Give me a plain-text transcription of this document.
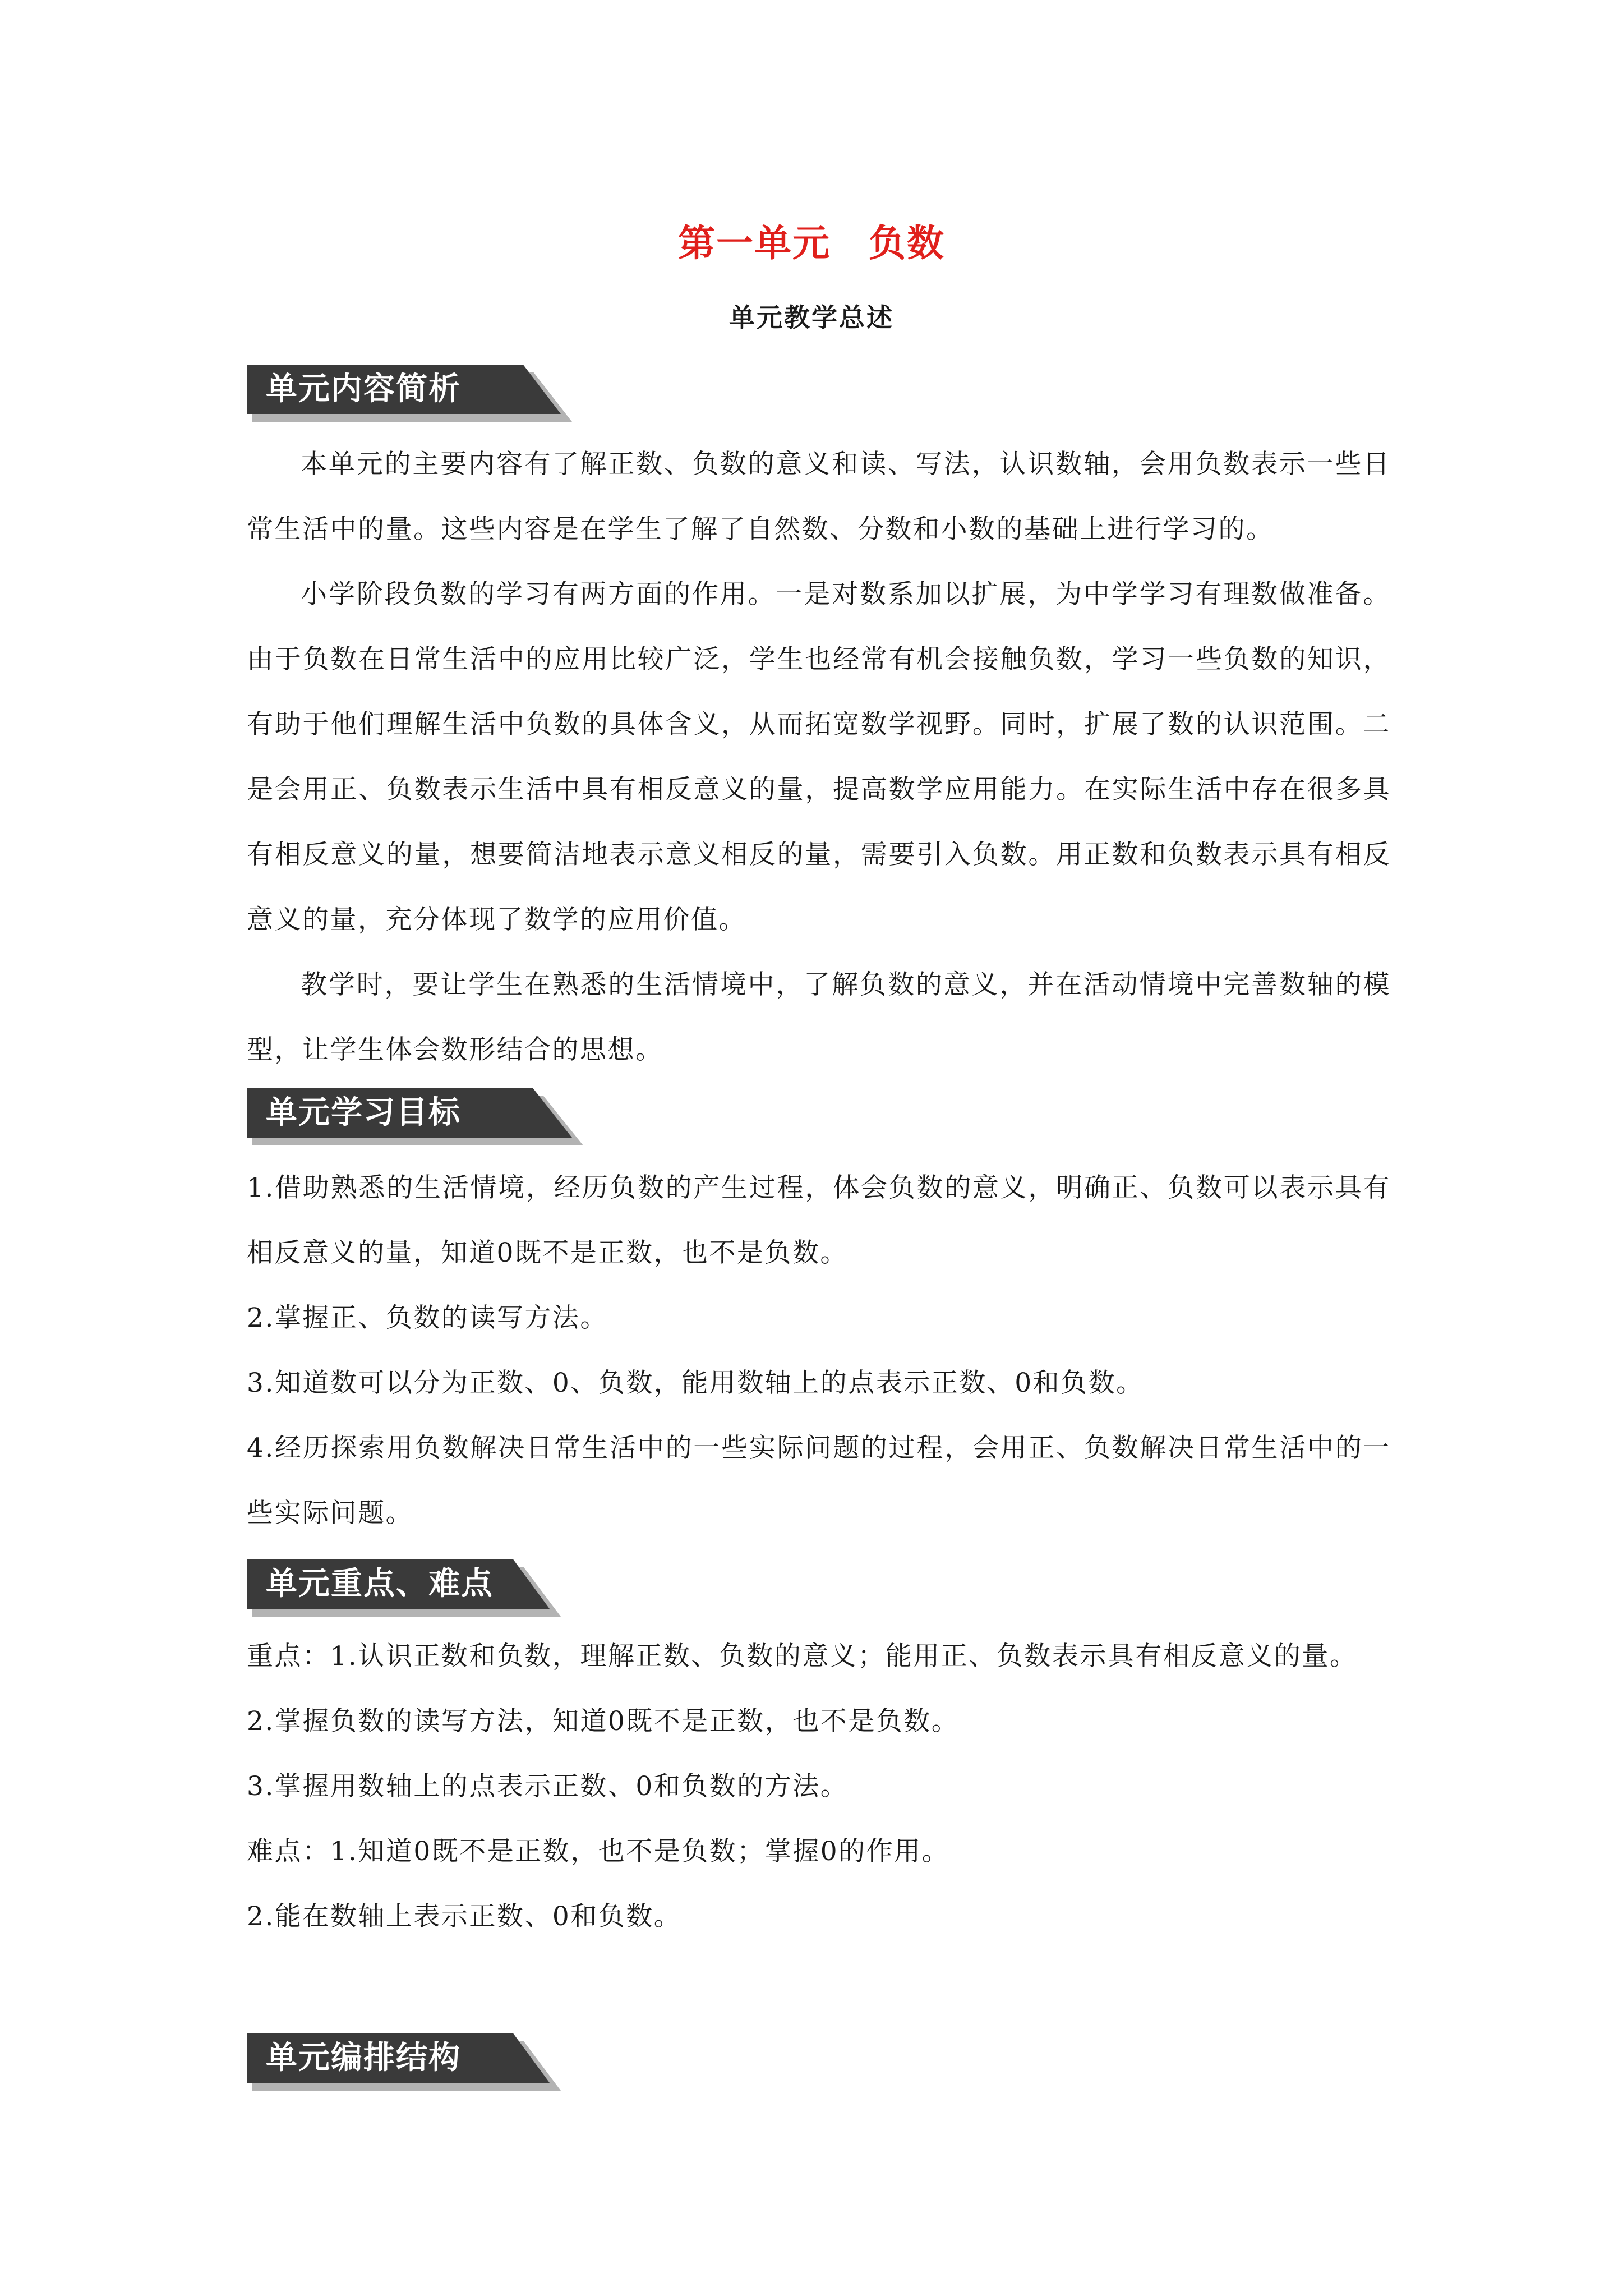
第一单元　负数
单元教学总述
单元内容简析
本单元的主要内容有了解正数、负数的意义和读、写法，认识数轴，会用负数表示一些日常生活中的量。这些内容是在学生了解了自然数、分数和小数的基础上进行学习的。
小学阶段负数的学习有两方面的作用。一是对数系加以扩展，为中学学习有理数做准备。由于负数在日常生活中的应用比较广泛，学生也经常有机会接触负数，学习一些负数的知识，有助于他们理解生活中负数的具体含义，从而拓宽数学视野。同时，扩展了数的认识范围。二是会用正、负数表示生活中具有相反意义的量，提高数学应用能力。在实际生活中存在很多具有相反意义的量，想要简洁地表示意义相反的量，需要引入负数。用正数和负数表示具有相反意义的量，充分体现了数学的应用价值。
教学时，要让学生在熟悉的生活情境中，了解负数的意义，并在活动情境中完善数轴的模型，让学生体会数形结合的思想。
单元学习目标
1.借助熟悉的生活情境，经历负数的产生过程，体会负数的意义，明确正、负数可以表示具有相反意义的量，知道0既不是正数，也不是负数。
2.掌握正、负数的读写方法。
3.知道数可以分为正数、0、负数，能用数轴上的点表示正数、0和负数。
4.经历探索用负数解决日常生活中的一些实际问题的过程，会用正、负数解决日常生活中的一些实际问题。
单元重点、难点
重点：1.认识正数和负数，理解正数、负数的意义；能用正、负数表示具有相反意义的量。
2.掌握负数的读写方法，知道0既不是正数，也不是负数。
3.掌握用数轴上的点表示正数、0和负数的方法。
难点：1.知道0既不是正数，也不是负数；掌握0的作用。
2.能在数轴上表示正数、0和负数。
单元编排结构
